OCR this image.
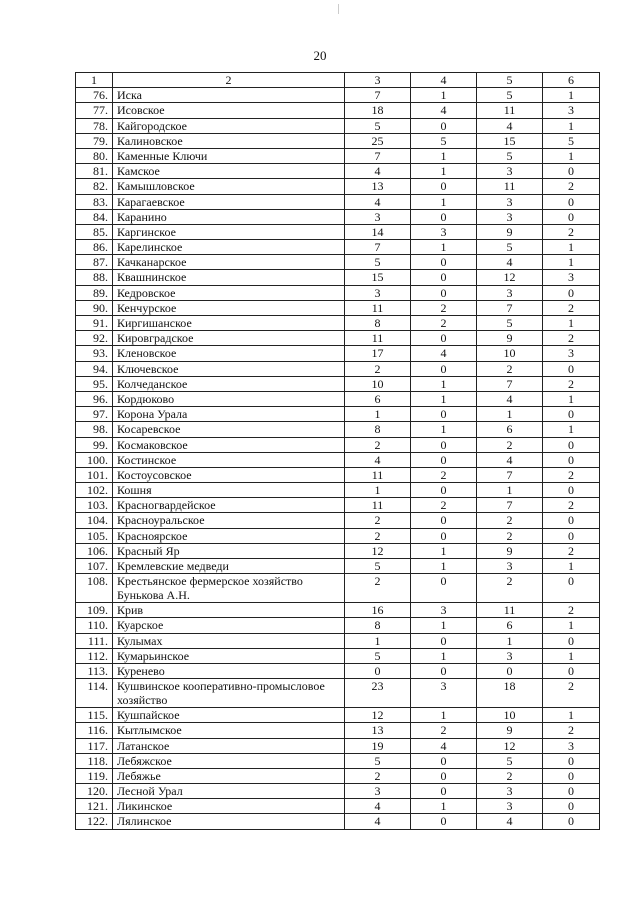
20
1	2	3	4	5	6
76.	Иска	7	1	5	1
77.	Исовское	18	4	11	3
78.	Кайгородское	5	0	4	1
79.	Калиновское	25	5	15	5
80.	Каменные Ключи	7	1	5	1
81.	Камское	4	1	3	0
82.	Камышловское	13	0	11	2
83.	Карагаевское	4	1	3	0
84.	Каранино	3	0	3	0
85.	Каргинское	14	3	9	2
86.	Карелинское	7	1	5	1
87.	Качканарское	5	0	4	1
88.	Квашнинское	15	0	12	3
89.	Кедровское	3	0	3	0
90.	Кенчурское	11	2	7	2
91.	Киргишанское	8	2	5	1
92.	Кировградское	11	0	9	2
93.	Кленовское	17	4	10	3
94.	Ключевское	2	0	2	0
95.	Колчеданское	10	1	7	2
96.	Кордюково	6	1	4	1
97.	Корона Урала	1	0	1	0
98.	Косаревское	8	1	6	1
99.	Космаковское	2	0	2	0
100.	Костинское	4	0	4	0
101.	Костоусовское	11	2	7	2
102.	Кошня	1	0	1	0
103.	Красногвардейское	11	2	7	2
104.	Красноуральское	2	0	2	0
105.	Красноярское	2	0	2	0
106.	Красный Яр	12	1	9	2
107.	Кремлевские медведи	5	1	3	1
108.	Крестьянское фермерское хозяйство Бунькова А.Н.	2	0	2	0
109.	Крив	16	3	11	2
110.	Куарское	8	1	6	1
111.	Кулымах	1	0	1	0
112.	Кумарьинское	5	1	3	1
113.	Куренево	0	0	0	0
114.	Кушвинское кооперативно-промысловое хозяйство	23	3	18	2
115.	Кушпайское	12	1	10	1
116.	Кытлымское	13	2	9	2
117.	Латанское	19	4	12	3
118.	Лебяжское	5	0	5	0
119.	Лебяжье	2	0	2	0
120.	Лесной Урал	3	0	3	0
121.	Ликинское	4	1	3	0
122.	Лялинское	4	0	4	0
